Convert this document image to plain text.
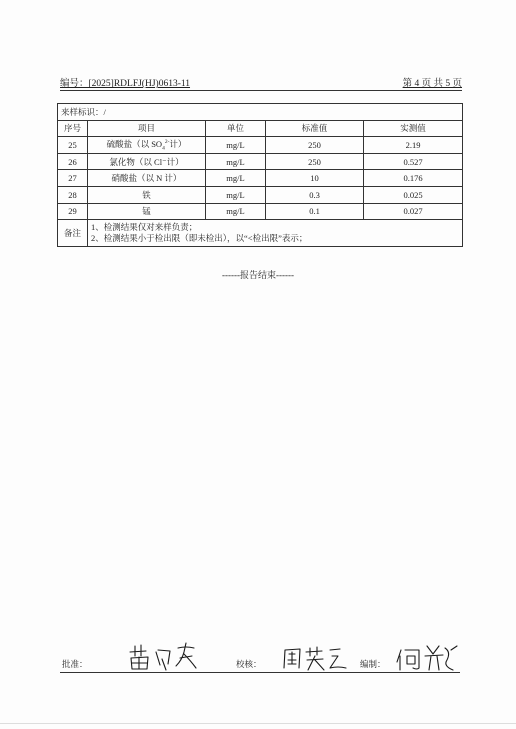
编号：[2025]RDLFJ(HJ)0613-11	第 4 页 共 5 页
来样标识：/				
序号	项目	单位	标准值	实测值
25	硫酸盐（以 $SO_4^{2-}$计）	mg/L	250	2.19
26	氯化物（以 Cl⁻计）	mg/L	250	0.527
27	硝酸盐（以 N 计）	mg/L	10	0.176
28	铁	mg/L	0.3	0.025
29	锰	mg/L	0.1	0.027
备注	1、检测结果仅对来样负责；
2、检测结果小于检出限（即未检出），以“<检出限”表示；			
------报告结束------
批准：	校核：	编制：
